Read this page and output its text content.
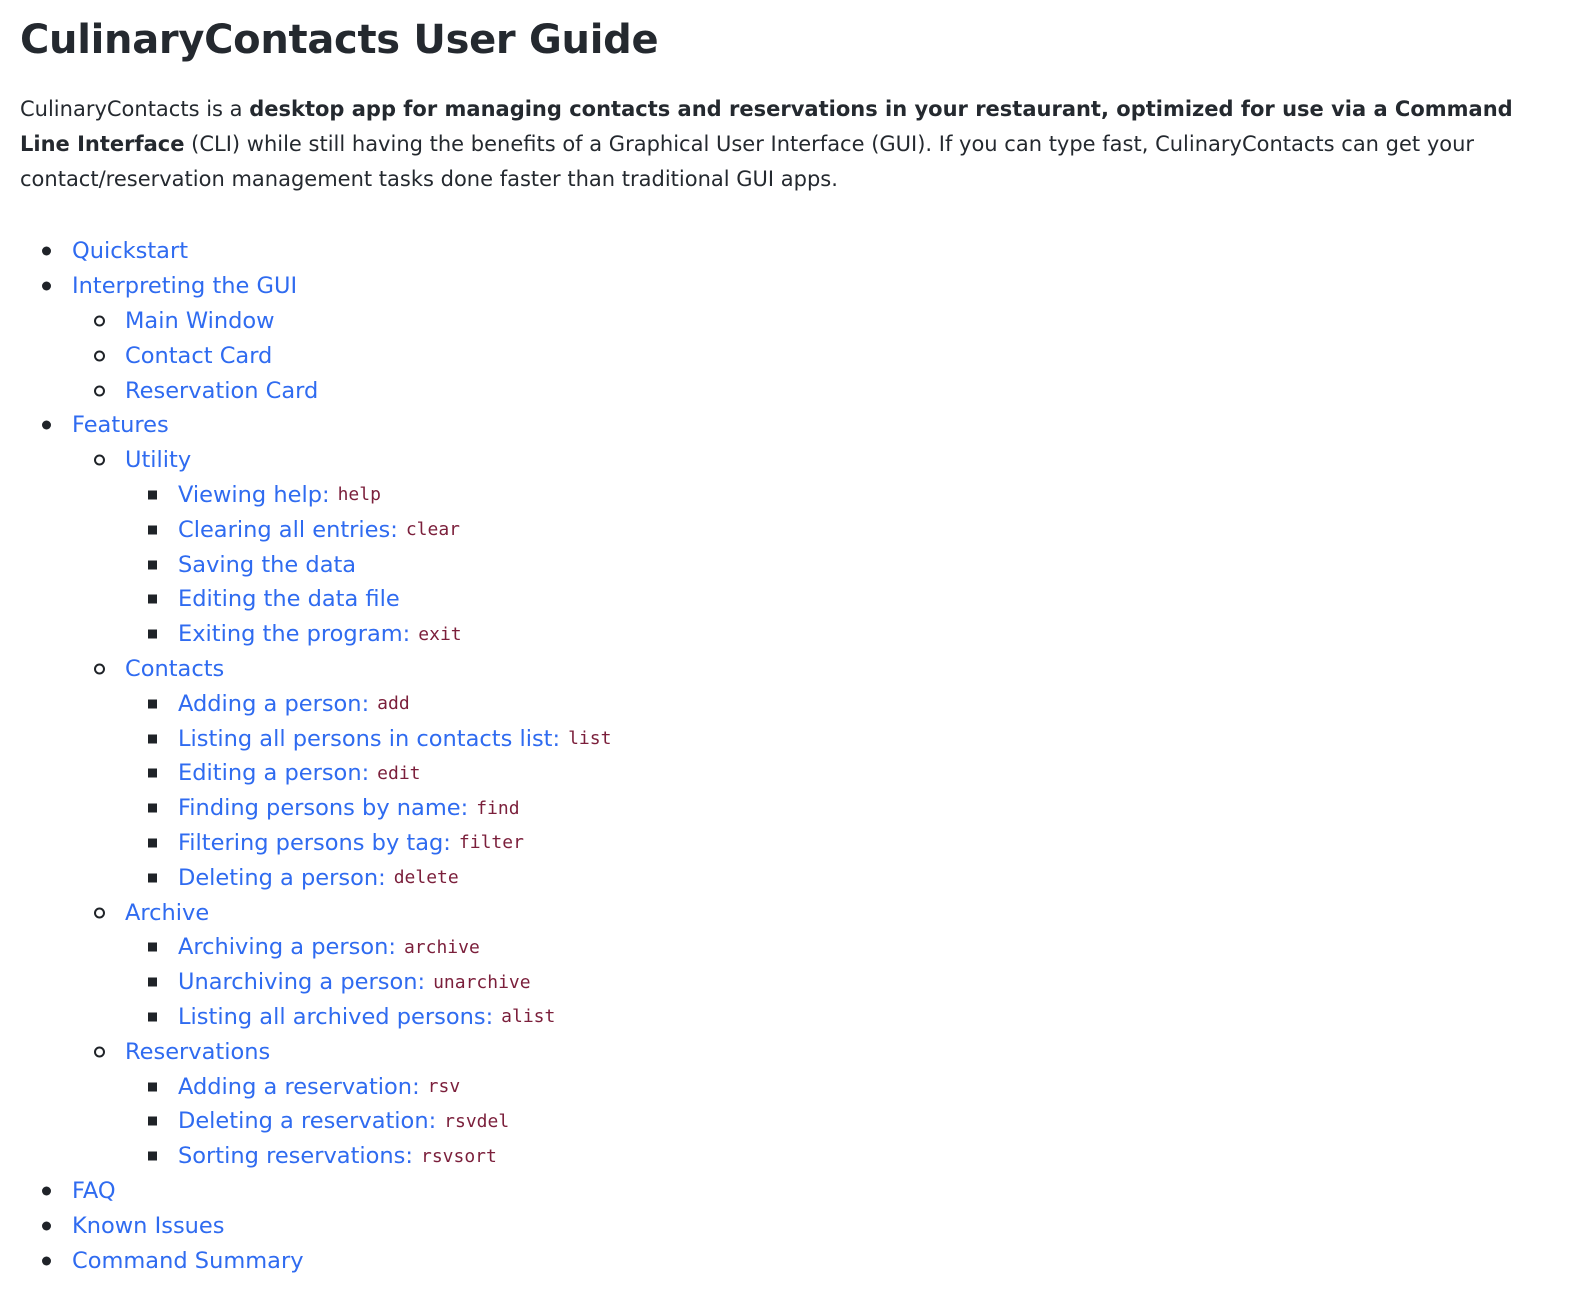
CulinaryContacts User Guide

CulinaryContacts is a desktop app for managing contacts and reservations in your restaurant, optimized for use via a Command Line Interface (CLI) while still having the benefits of a Graphical User Interface (GUI). If you can type fast, CulinaryContacts can get your contact/reservation management tasks done faster than traditional GUI apps.

Quickstart
Interpreting the GUI
Main Window
Contact Card
Reservation Card
Features
Utility
Viewing help: help
Clearing all entries: clear
Saving the data
Editing the data file
Exiting the program: exit
Contacts
Adding a person: add
Listing all persons in contacts list: list
Editing a person: edit
Finding persons by name: find
Filtering persons by tag: filter
Deleting a person: delete
Archive
Archiving a person: archive
Unarchiving a person: unarchive
Listing all archived persons: alist
Reservations
Adding a reservation: rsv
Deleting a reservation: rsvdel
Sorting reservations: rsvsort
FAQ
Known Issues
Command Summary
